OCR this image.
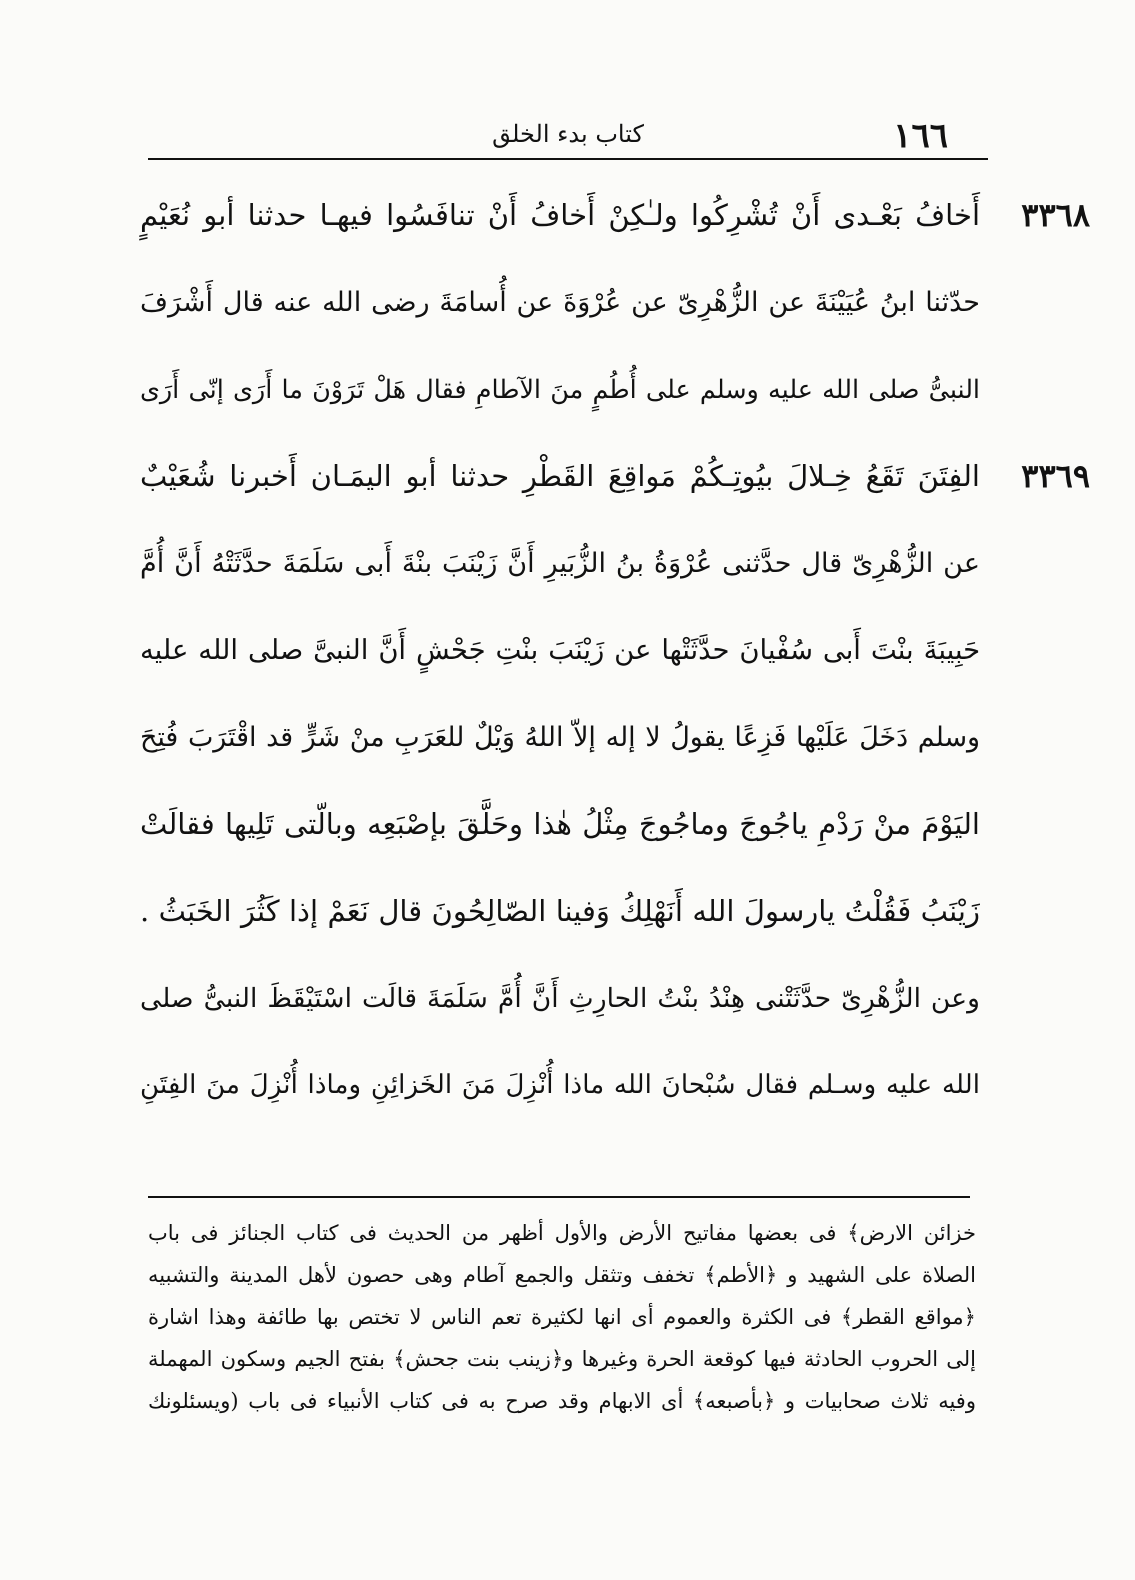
١٦٦
كتاب بدء الخلق
٣٣٦٨
أَخافُ بَعْـدى أَنْ تُشْرِكُوا ولـٰكِنْ أَخافُ أَنْ تنافَسُوا فيهـا حدثنا أبو نُعَيْمٍ
حدّثنا ابنُ عُيَيْنَةَ عن الزُّهْرِىّ عن عُرْوَةَ عن أُسامَةَ رضى الله عنه قال أَشْرَفَ
النبىُّ صلى الله عليه وسلم على أُطُمٍ منَ الآطامِ فقال هَلْ تَرَوْنَ ما أَرَى إنّى أَرَى
٣٣٦٩
الفِتَنَ تَقَعُ خِـلالَ بيُوتِـكُمْ مَواقِعَ القَطْرِ حدثنا أبو اليمَـان أَخبرنا شُعَيْبٌ
عن الزُّهْرِىّ قال حدَّثنى عُرْوَةُ بنُ الزُّبَيرِ أَنَّ زَيْنَبَ بنْةَ أَبى سَلَمَةَ حدَّثَتْهُ أَنَّ أُمَّ
حَبِيبَةَ بنْتَ أَبى سُفْيانَ حدَّثَتْها عن زَيْنَبَ بنْتِ جَحْشٍ أَنَّ النبىَّ صلى الله عليه
وسلم دَخَلَ عَلَيْها فَزِعًا يقولُ لا إله إلاّ اللهُ وَيْلٌ للعَرَبِ منْ شَرٍّ قد اقْتَرَبَ فُتِحَ
اليَوْمَ منْ رَدْمِ ياجُوجَ وماجُوجَ مِثْلُ هٰذا وحَلَّقَ بإصْبَعِه وبالّتى تَلِيها فقالَتْ
زَيْنَبُ فَقُلْتُ يارسولَ الله أَنَهْلِكُ وَفينا الصّالِحُونَ قال نَعَمْ إذا كَثُرَ الخَبَثُ .
وعن الزُّهْرِىّ حدَّثَتْنى هِنْدُ بنْتُ الحارِثِ أَنَّ أُمَّ سَلَمَةَ قالَت اسْتَيْقَظَ النبىُّ صلى
الله عليه وسـلم فقال سُبْحانَ الله ماذا أُنْزِلَ مَنَ الخَزائِنِ وماذا أُنْزِلَ منَ الفِتَنِ
خزائن الارض﴾ فى بعضها مفاتيح الأرض والأول أظهر من الحديث فى كتاب الجنائز فى باب
الصلاة على الشهيد و ﴿الأطم﴾ تخفف وتثقل والجمع آطام وهى حصون لأهل المدينة والتشبيه
﴿مواقع القطر﴾ فى الكثرة والعموم أى انها لكثيرة تعم الناس لا تختص بها طائفة وهذا اشارة
إلى الحروب الحادثة فيها كوقعة الحرة وغيرها و﴿زينب بنت جحش﴾ بفتح الجيم وسكون المهملة
وفيه ثلاث صحابيات و ﴿بأصبعه﴾ أى الابهام وقد صرح به فى كتاب الأنبياء فى باب (ويسئلونك
